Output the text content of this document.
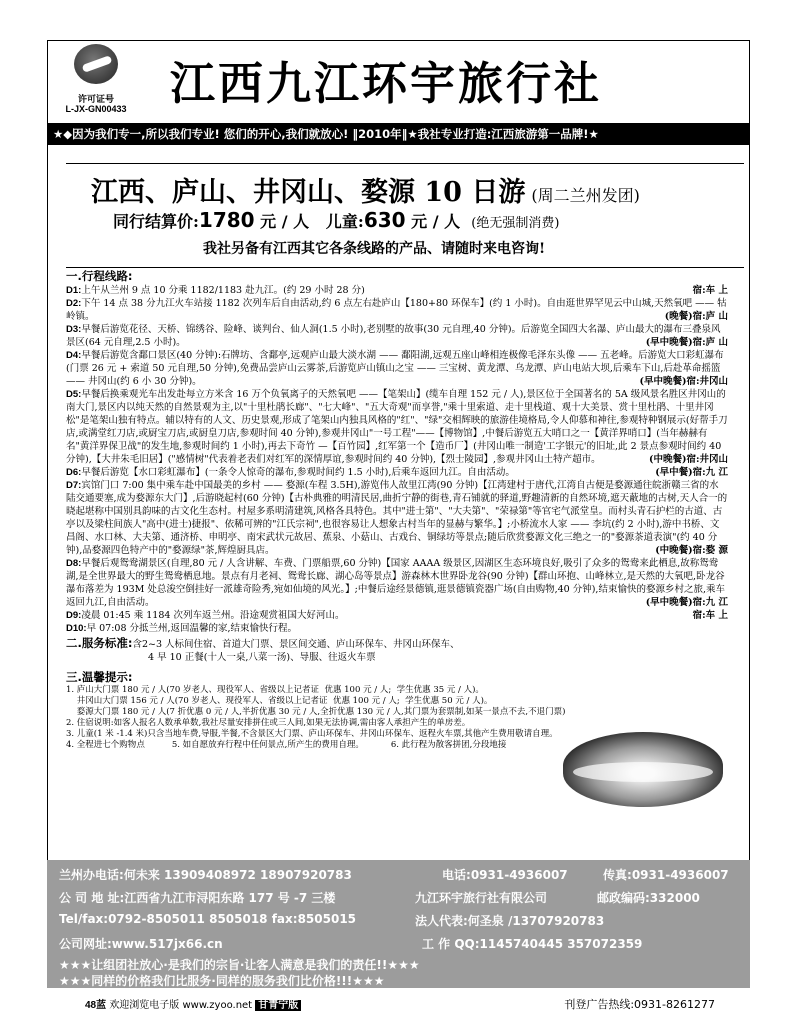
许可证号
L-JX-GN00433 江西九江环宇旅行社
★◆因为我们专一,所以我们专业! 您们的开心,我们就放心! ‖2010年‖★我社专业打造:江西旅游第一品牌!★
江西、庐山、井冈山、婺源 10 日游 (周二兰州发团)
同行结算价:1780 元 / 人 儿童:630 元 / 人 (绝无强制消费)
我社另备有江西其它各条线路的产品、请随时来电咨询!
一.行程线路:
D1:上午从兰州 9 点 10 分乘 1182/1183 赴九江。(约 29 小时 28 分)	宿:车 上
D2:下午 14 点 38 分九江火车站接 1182 次列车后自由活动,约 6 点左右赴庐山【180+80 环保车】(约 1 小时)。自由逛世界罕见云中山城,天然氧吧 —— 牯岭镇。	(晚餐)宿:庐 山
D3:早餐后游览花径、天桥、锦绣谷、险峰、谈判台、仙人洞(1.5 小时),老别墅的故事(30 元自理,40 分钟)。后游览全国四大名瀑、庐山最大的瀑布三叠泉风景区(64 元自理,2.5 小时)。	(早中晚餐)宿:庐 山
D4:早餐后游览含鄱口景区(40 分钟):石牌坊、含鄱亭,远观庐山最大淡水湖 —— 鄱阳湖,远观五座山峰相连极像毛泽东头像 —— 五老峰。后游览大口彩虹瀑布(门票 26 元 + 索道 50 元自理,50 分钟),免费品尝庐山云雾茶,后游览庐山镇山之宝 —— 三宝树、黄龙潭、乌龙潭、庐山电站大坝,后乘车下山,后赴革命摇篮 —— 井冈山(约 6 小 30 分钟)。	(早中晚餐)宿:井冈山
D5:早餐后换乘观光车出发赴每立方米含 16 万个负氧离子的天然氧吧 ——【笔架山】(缆车自理 152 元 / 人),景区位于全国著名的 5A 级风景名胜区井冈山的南大门,景区内以纯天然的自然景观为主,以"十里杜鹃长廊"、"七大峰"、"五大奇观"而享誉,"乘十里索道、走十里栈道、观十大美景、赏十里杜鹃、十里井冈松"是笔架山独有特点。辅以特有的人文、历史景观,形成了笔架山内独具风格的"红"、"绿"交相辉映的旅游佳境格局,令人仰慕和神往,参观特种钢展示(好帮手刀店,或满堂红刀店,或厨宝刀店,或厨皇刀店,参观时间 40 分钟),参观井冈山"一号工程"——【博物馆】,中餐后游览五大哨口之一【黄洋界哨口】(当年赫赫有名"黄洋界保卫战"的发生地,参观时间约 1 小时),再去下奇竹 —【百竹园】,红军第一个【造币厂】(井冈山唯一制造'工字银元'的旧址,此 2 景点参观时间约 40 分钟),【大井朱毛旧居】("感情树"代表着老表们对红军的深情厚谊,参观时间约 40 分钟),【烈士陵园】,参观井冈山土特产超市。	(中晚餐)宿:井冈山
D6:早餐后游览【水口彩虹瀑布】(一条令人惊奇的瀑布,参观时间约 1.5 小时),后乘车返回九江。自由活动。	(早中餐)宿:九 江
D7:宾馆门口 7:00 集中乘车赴中国最美的乡村 —— 婺源(车程 3.5H),游览伟人故里江湾(90 分钟)【江湾建村于唐代,江湾自古便是婺源通往皖浙赣三省的水陆交通要塞,成为婺源东大门】,后游晓起村(60 分钟)【古朴典雅的明清民居,曲折宁静的街巷,青石铺就的驿道,野趣清新的自然环境,遮天蔽地的古树,天人合一的晓起堪称中国别具韵味的古文化生态村。村屋多系明清建筑,风格各具特色。其中"进士第"、"大夫第"、"荣禄第"等官宅气派堂皇。而村头青石护栏的古道、古亭以及梁柱间族人"高中(进士)捷报"、依稀可辨的"江氏宗祠",也很容易让人想象古村当年的显赫与繁华。】;小桥流水人家 —— 李坑(约 2 小时),游中书桥、文昌阁、水口林、大夫第、通济桥、申明亭、南宋武状元故居、蕉泉、小菇山、古戏台、铜绿坊等景点;随后欣赏婺源文化三绝之一的"婺源茶道表演"(约 40 分钟),品婺源四色特产中的"婺源绿"茶,辉煌厨具店。	(中晚餐)宿:婺 源
D8:早餐后观鸳鸯湖景区(自理,80 元 / 人含讲解、车费、门票船票,60 分钟)【国家 AAAA 级景区,因湖区生态环境良好,吸引了众多的鸳鸯来此栖息,故称鸳鸯湖,是全世界最大的野生鸳鸯栖息地。景点有月老祠、鸳鸯长廊、湖心岛等景点】游森林木世界卧龙谷(90 分钟)【群山环抱、山峰林立,是天然的大氧吧,卧龙谷瀑布落差为 193M 处总浚空倒挂好一派雄奇险秀,宛如仙境的风光。】;中餐后途经景德镇,逛景德镇瓷器广场(自由购物,40 分钟),结束愉快的婺源乡村之旅,乘车返回九江,自由活动。	(早中晚餐)宿:九 江
D9:凌晨 01:45 乘 1184 次列车返兰州。沿途观赏祖国大好河山。	宿:车 上
D10:早 07:08 分抵兰州,返回温馨的家,结束愉快行程。
二.服务标准:含2~3 人标间住宿、首道大门票、景区间交通、庐山环保车、井冈山环保车、
4 早 10 正餐(十人一桌,八菜一汤)、导服、往返火车票
三.温馨提示:
1. 庐山大门票 180 元 / 人(70 岁老人、现役军人、省级以上记者证  优惠 100 元 / 人;  学生优惠 35 元 / 人)。
井冈山大门票 156 元 / 人(70 岁老人、现役军人、省级以上记者证  优惠 100 元 / 人;  学生优惠 50 元 / 人)。
婺源大门票 180 元 / 人(7 折优惠 0 元 / 人,半折优惠 30 元 / 人,全折优惠 130 元 / 人,其门票为套票制,如某一景点不去,不退门票)
2. 住宿说明:如客人报名人数承单数,我社尽量安排拼住或三人间,如果无法协调,需由客人承担产生的单房差。
3. 儿童(1 米 -1.4 米)只含当地车费,导服,半餐,不含景区大门票、庐山环保车、井冈山环保车、返程火车票,其他产生费用敬请自理。
4. 全程进七个购物点          5. 如自愿放弃行程中任何景点,所产生的费用自理。          6. 此行程为散客拼团,分段地接
兰州办电话:何未来 13909408972 18907920783	电话:0931-4936007	传真:0931-4936007
公 司 地 址:江西省九江市浔阳东路 177 号 -7 三楼	九江环宇旅行社有限公司	邮政编码:332000
Tel/fax:0792-8505011 8505018 fax:8505015	法人代表:何圣泉 /13707920783
公司网址:www.517jx66.cn	工 作 QQ:1145740445 357072359
★★★让组团社放心·是我们的宗旨·让客人满意是我们的责任!!★★★
★★★同样的价格我们比服务·同样的服务我们比价格!!!★★★
48蓝 欢迎浏览电子版 www.zyoo.net 甘青宁版	刊登广告热线:0931-8261277
